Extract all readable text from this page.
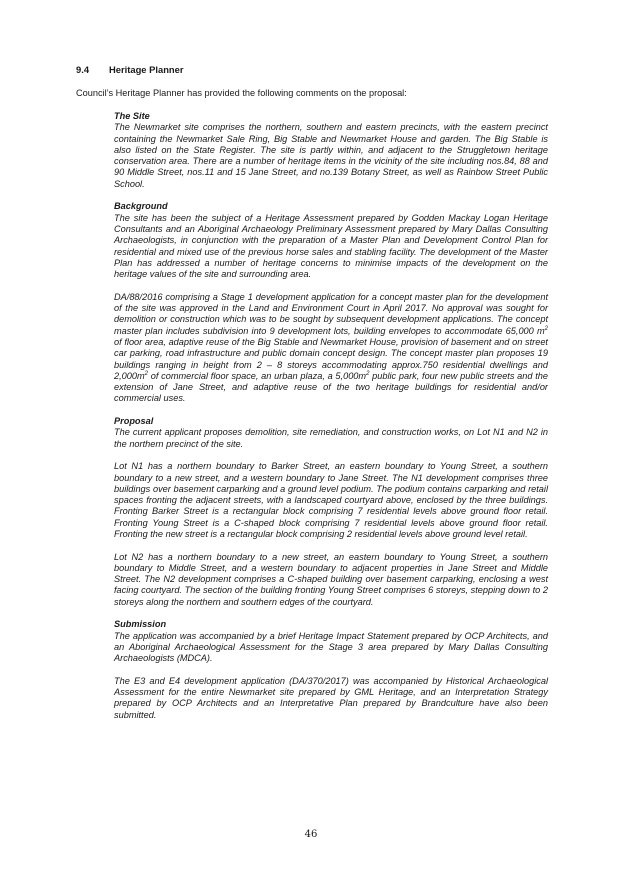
9.4 Heritage Planner
Council’s Heritage Planner has provided the following comments on the proposal:
The Site

The Newmarket site comprises the northern, southern and eastern precincts, with the eastern precinct containing the Newmarket Sale Ring, Big Stable and Newmarket House and garden. The Big Stable is also listed on the State Register. The site is partly within, and adjacent to the Struggletown heritage conservation area. There are a number of heritage items in the vicinity of the site including nos.84, 88 and 90 Middle Street, nos.11 and 15 Jane Street, and no.139 Botany Street, as well as Rainbow Street Public School.

Background

The site has been the subject of a Heritage Assessment prepared by Godden Mackay Logan Heritage Consultants and an Aboriginal Archaeology Preliminary Assessment prepared by Mary Dallas Consulting Archaeologists, in conjunction with the preparation of a Master Plan and Development Control Plan for residential and mixed use of the previous horse sales and stabling facility. The development of the Master Plan has addressed a number of heritage concerns to minimise impacts of the development on the heritage values of the site and surrounding area.

DA/88/2016 comprising a Stage 1 development application for a concept master plan for the development of the site was approved in the Land and Environment Court in April 2017. No approval was sought for demolition or construction which was to be sought by subsequent development applications. The concept master plan includes subdivision into 9 development lots, building envelopes to accommodate 65,000 $m^2$ of floor area, adaptive reuse of the Big Stable and Newmarket House, provision of basement and on street car parking, road infrastructure and public domain concept design. The concept master plan proposes 19 buildings ranging in height from 2 – 8 storeys accommodating approx.750 residential dwellings and $2,000m^2$ of commercial floor space, an urban plaza, a $5,000m^2$ public park, four new public streets and the extension of Jane Street, and adaptive reuse of the two heritage buildings for residential and/or commercial uses.

Proposal

The current applicant proposes demolition, site remediation, and construction works, on Lot N1 and N2 in the northern precinct of the site.

Lot N1 has a northern boundary to Barker Street, an eastern boundary to Young Street, a southern boundary to a new street, and a western boundary to Jane Street. The N1 development comprises three buildings over basement carparking and a ground level podium. The podium contains carparking and retail spaces fronting the adjacent streets, with a landscaped courtyard above, enclosed by the three buildings. Fronting Barker Street is a rectangular block comprising 7 residential levels above ground floor retail. Fronting Young Street is a C-shaped block comprising 7 residential levels above ground floor retail. Fronting the new street is a rectangular block comprising 2 residential levels above ground level retail.

Lot N2 has a northern boundary to a new street, an eastern boundary to Young Street, a southern boundary to Middle Street, and a western boundary to adjacent properties in Jane Street and Middle Street. The N2 development comprises a C-shaped building over basement carparking, enclosing a west facing courtyard. The section of the building fronting Young Street comprises 6 storeys, stepping down to 2 storeys along the northern and southern edges of the courtyard.

Submission

The application was accompanied by a brief Heritage Impact Statement prepared by OCP Architects, and an Aboriginal Archaeological Assessment for the Stage 3 area prepared by Mary Dallas Consulting Archaeologists (MDCA).

The E3 and E4 development application (DA/370/2017) was accompanied by Historical Archaeological Assessment for the entire Newmarket site prepared by GML Heritage, and an Interpretation Strategy prepared by OCP Architects and an Interpretative Plan prepared by Brandculture have also been submitted.

46
